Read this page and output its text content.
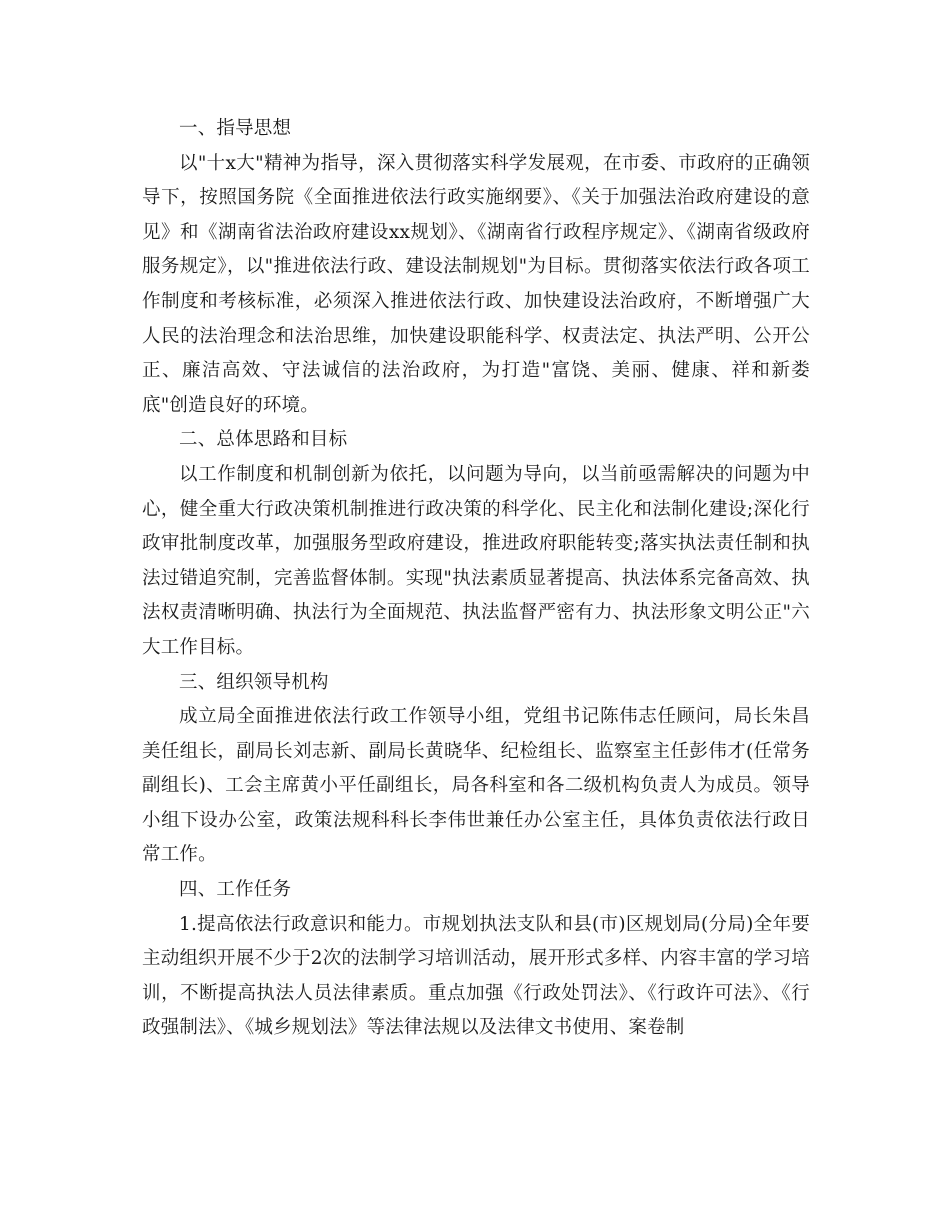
一、指导思想

以"十x大"精神为指导，深入贯彻落实科学发展观，在市委、市政府的正确领导下，按照国务院《全面推进依法行政实施纲要》、《关于加强法治政府建设的意见》和《湖南省法治政府建设xx规划》、《湖南省行政程序规定》、《湖南省级政府服务规定》，以"推进依法行政、建设法制规划"为目标。贯彻落实依法行政各项工作制度和考核标准，必须深入推进依法行政、加快建设法治政府，不断增强广大人民的法治理念和法治思维，加快建设职能科学、权责法定、执法严明、公开公正、廉洁高效、守法诚信的法治政府，为打造"富饶、美丽、健康、祥和新娄底"创造良好的环境。

二、总体思路和目标

以工作制度和机制创新为依托，以问题为导向，以当前亟需解决的问题为中心，健全重大行政决策机制推进行政决策的科学化、民主化和法制化建设;深化行政审批制度改革，加强服务型政府建设，推进政府职能转变;落实执法责任制和执法过错追究制，完善监督体制。实现"执法素质显著提高、执法体系完备高效、执法权责清晰明确、执法行为全面规范、执法监督严密有力、执法形象文明公正"六大工作目标。

三、组织领导机构

成立局全面推进依法行政工作领导小组，党组书记陈伟志任顾问，局长朱昌美任组长，副局长刘志新、副局长黄晓华、纪检组长、监察室主任彭伟才(任常务副组长)、工会主席黄小平任副组长，局各科室和各二级机构负责人为成员。领导小组下设办公室，政策法规科科长李伟世兼任办公室主任，具体负责依法行政日常工作。

四、工作任务

1.提高依法行政意识和能力。市规划执法支队和县(市)区规划局(分局)全年要主动组织开展不少于2次的法制学习培训活动，展开形式多样、内容丰富的学习培训，不断提高执法人员法律素质。重点加强《行政处罚法》、《行政许可法》、《行政强制法》、《城乡规划法》等法律法规以及法律文书使用、案卷制
